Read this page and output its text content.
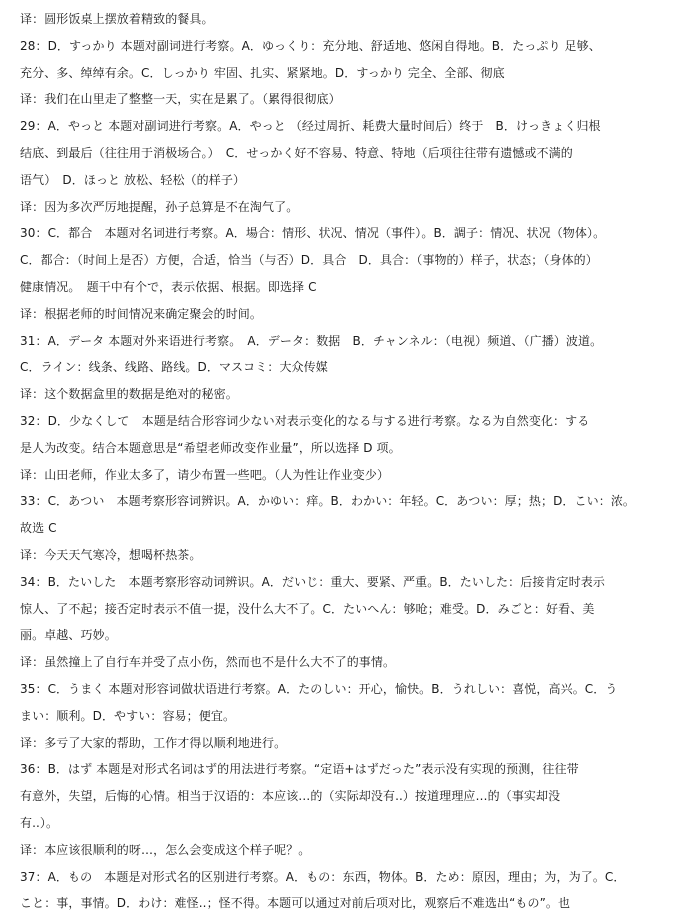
译：圆形饭桌上摆放着精致的餐具。
28：D．すっかり 本题对副词进行考察。A．ゆっくり：充分地、舒适地、悠闲自得地。B．たっぷり 足够、
充分、多、绰绰有余。C．しっかり 牢固、扎实、紧紧地。D．すっかり 完全、全部、彻底
译：我们在山里走了整整一天，实在是累了。（累得很彻底）
29：A．やっと 本题对副词进行考察。A．やっと （经过周折、耗费大量时间后）终于　B．けっきょく归根
结底、到最后（往往用于消极场合。）　C．せっかく好不容易、特意、特地（后项往往带有遗憾或不满的
语气）　D．ほっと 放松、轻松（的样子）
译：因为多次严厉地提醒，孙子总算是不在淘气了。
30：C．都合　本题对名词进行考察。A．場合：情形、状况、情况（事件）。B．調子：情况、状况（物体）。
C．都合：（时间上是否）方便，合适，恰当（与否）D．具合　D．具合：（事物的）样子，状态；（身体的）
健康情况。　题干中有个で，表示依据、根据。即选择 C
译：根据老师的时间情况来确定聚会的时间。
31：A．データ 本题对外来语进行考察。　A．データ：数据　B．チャンネル：（电视）频道、（广播）波道。
C．ライン：线条、线路、路线。D．マスコミ：大众传媒
译：这个数据盒里的数据是绝对的秘密。
32：D．少なくして　本题是结合形容词少ない对表示变化的なる与する进行考察。なる为自然变化：する
是人为改变。结合本题意思是“希望老师改变作业量”，所以选择 D 项。
译：山田老师，作业太多了，请少布置一些吧。（人为性让作业变少）
33：C．あつい　本题考察形容词辨识。A．かゆい：痒。B．わかい：年轻。C．あつい：厚；热；D．こい：浓。
故选 C
译：今天天气寒冷，想喝杯热茶。
34：B．たいした　本题考察形容动词辨识。A．だいじ：重大、要紧、严重。B．たいした：后接肯定时表示
惊人、了不起；接否定时表示不值一提，没什么大不了。C．たいへん：够呛；难受。D．みごと：好看、美
丽。卓越、巧妙。
译：虽然撞上了自行车并受了点小伤，然而也不是什么大不了的事情。
35：C．うまく 本题对形容词做状语进行考察。A．たのしい：开心，愉快。B．うれしい：喜悦，高兴。C．う
まい：顺利。D．やすい：容易；便宜。
译：多亏了大家的帮助，工作才得以顺利地进行。
36：B．はず 本题是对形式名词はず的用法进行考察。“定语+はずだった”表示没有实现的预测，往往带
有意外，失望，后悔的心情。相当于汉语的：本应该…的（实际却没有..）按道理理应…的（事实却没
有..）。
译：本应该很顺利的呀…，怎么会变成这个样子呢？。
37：A．もの　本题是对形式名的区别进行考察。A．もの：东西，物体。B．ため：原因，理由；为，为了。C．
こと：事，事情。D．わけ：难怪..；怪不得。本题可以通过对前后项对比，观察后不难选出“もの”。也
